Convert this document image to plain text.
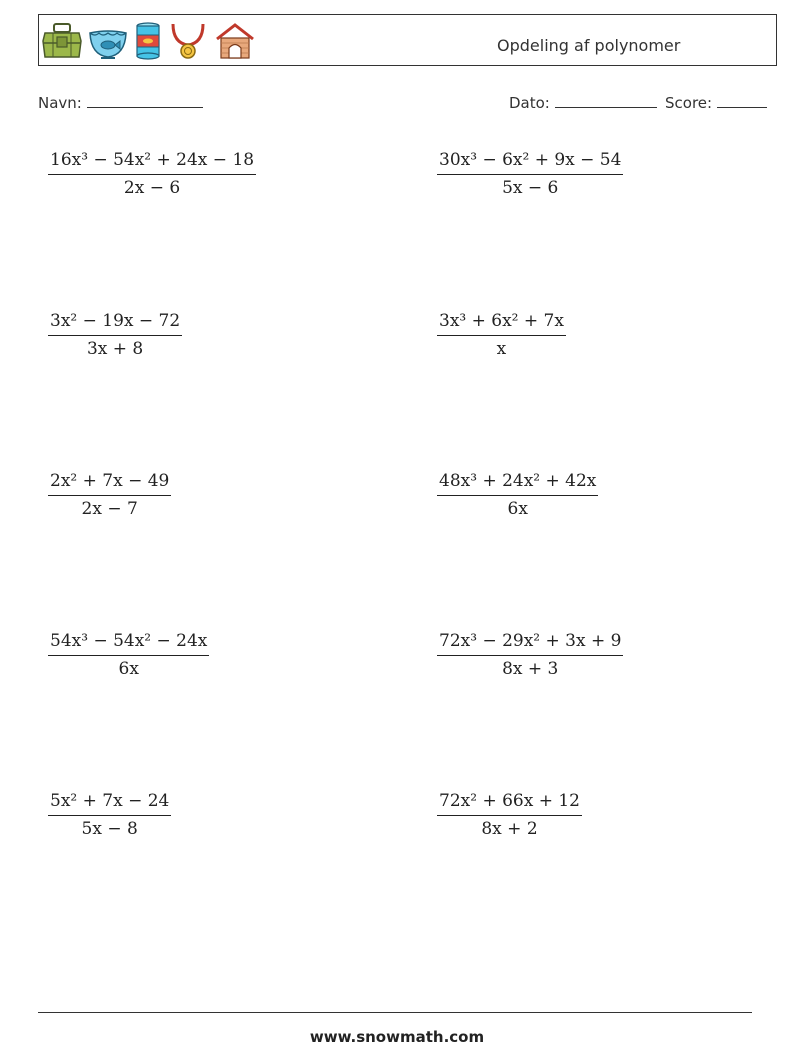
Opdeling af polynomer
Navn:	Dato:	Score:
$\frac{\text{16x³ − 54x² + 24x − 18}}{2x - 6}$	$\frac{\text{30x³ − 6x² + 9x − 54}}{5x - 6}$
$\frac{\text{3x² − 19x − 72}}{3x + 8}$	$\frac{\text{3x³ + 6x² + 7x}}{x}$
$\frac{\text{2x² + 7x − 49}}{2x - 7}$	$\frac{\text{48x³ + 24x² + 42x}}{6x}$
$\frac{\text{54x³ − 54x² − 24x}}{6x}$	$\frac{\text{72x³ − 29x² + 3x + 9}}{8x + 3}$
$\frac{\text{5x² + 7x − 24}}{5x - 8}$	$\frac{\text{72x² + 66x + 12}}{8x + 2}$
www.snowmath.com
